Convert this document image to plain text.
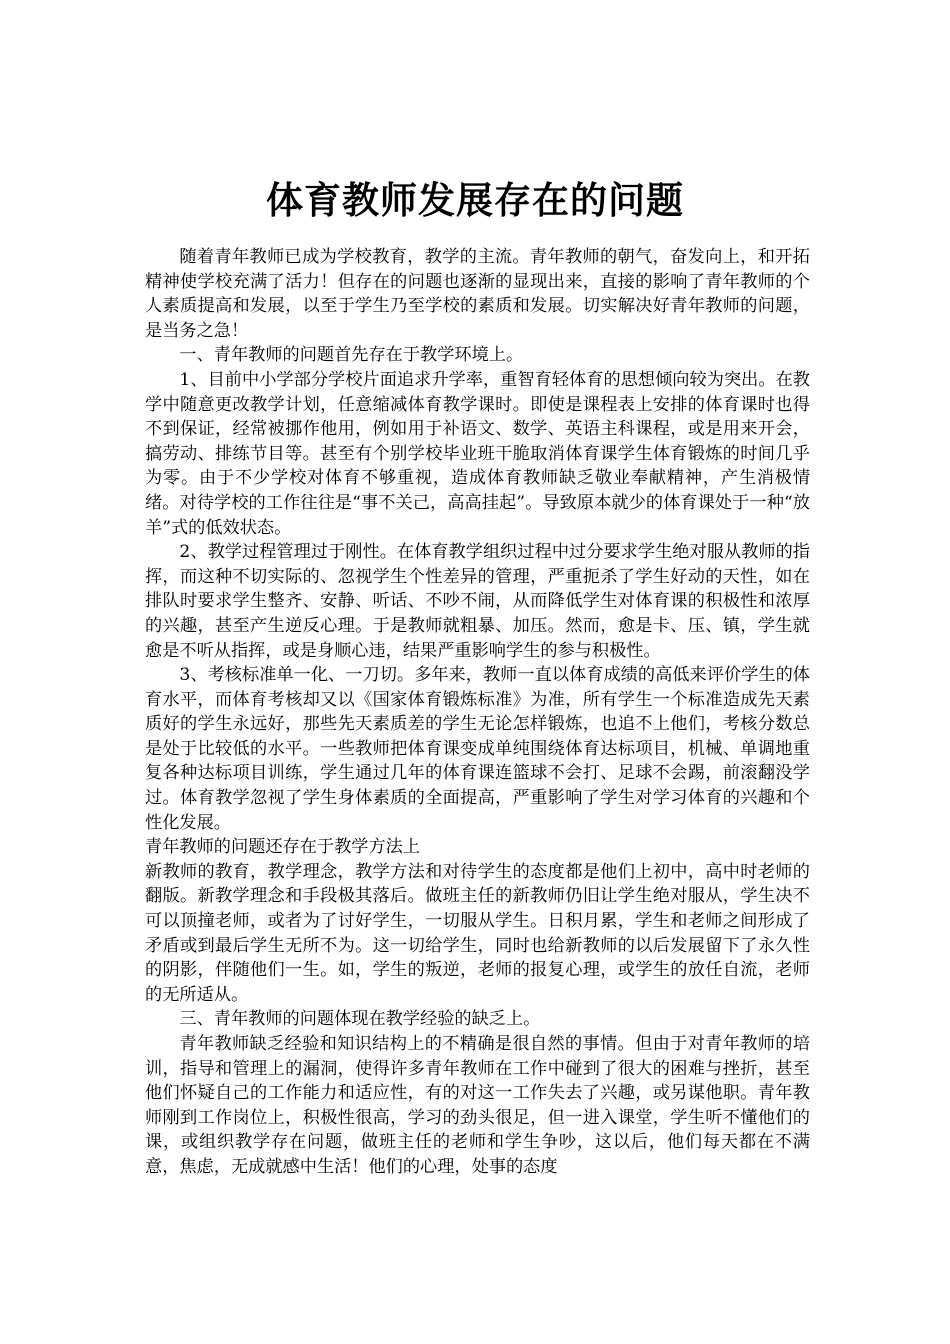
体育教师发展存在的问题

随着青年教师已成为学校教育，教学的主流。青年教师的朝气，奋发向上，和开拓精神使学校充满了活力！但存在的问题也逐渐的显现出来，直接的影响了青年教师的个人素质提高和发展，以至于学生乃至学校的素质和发展。切实解决好青年教师的问题，是当务之急！

一、青年教师的问题首先存在于教学环境上。

1、目前中小学部分学校片面追求升学率，重智育轻体育的思想倾向较为突出。在教学中随意更改教学计划，任意缩减体育教学课时。即使是课程表上安排的体育课时也得不到保证，经常被挪作他用，例如用于补语文、数学、英语主科课程，或是用来开会，搞劳动、排练节目等。甚至有个别学校毕业班干脆取消体育课学生体育锻炼的时间几乎为零。由于不少学校对体育不够重视，造成体育教师缺乏敬业奉献精神，产生消极情绪。对待学校的工作往往是“事不关己，高高挂起”。导致原本就少的体育课处于一种“放羊”式的低效状态。

2、教学过程管理过于刚性。在体育教学组织过程中过分要求学生绝对服从教师的指挥，而这种不切实际的、忽视学生个性差异的管理，严重扼杀了学生好动的天性，如在排队时要求学生整齐、安静、听话、不吵不闹，从而降低学生对体育课的积极性和浓厚的兴趣，甚至产生逆反心理。于是教师就粗暴、加压。然而，愈是卡、压、镇，学生就愈是不听从指挥，或是身顺心违，结果严重影响学生的参与积极性。

3、考核标准单一化、一刀切。多年来，教师一直以体育成绩的高低来评价学生的体育水平，而体育考核却又以《国家体育锻炼标准》为准，所有学生一个标准造成先天素质好的学生永远好，那些先天素质差的学生无论怎样锻炼，也追不上他们，考核分数总是处于比较低的水平。一些教师把体育课变成单纯围绕体育达标项目，机械、单调地重复各种达标项目训练，学生通过几年的体育课连篮球不会打、足球不会踢，前滚翻没学过。体育教学忽视了学生身体素质的全面提高，严重影响了学生对学习体育的兴趣和个性化发展。

青年教师的问题还存在于教学方法上

新教师的教育，教学理念，教学方法和对待学生的态度都是他们上初中，高中时老师的翻版。新教学理念和手段极其落后。做班主任的新教师仍旧让学生绝对服从，学生决不可以顶撞老师，或者为了讨好学生，一切服从学生。日积月累，学生和老师之间形成了矛盾或到最后学生无所不为。这一切给学生，同时也给新教师的以后发展留下了永久性的阴影，伴随他们一生。如，学生的叛逆，老师的报复心理，或学生的放任自流，老师的无所适从。

三、青年教师的问题体现在教学经验的缺乏上。

青年教师缺乏经验和知识结构上的不精确是很自然的事情。但由于对青年教师的培训，指导和管理上的漏洞，使得许多青年教师在工作中碰到了很大的困难与挫折，甚至他们怀疑自己的工作能力和适应性，有的对这一工作失去了兴趣，或另谋他职。青年教师刚到工作岗位上，积极性很高，学习的劲头很足，但一进入课堂，学生听不懂他们的课，或组织教学存在问题，做班主任的老师和学生争吵，这以后，他们每天都在不满意，焦虑，无成就感中生活！他们的心理，处事的态度
